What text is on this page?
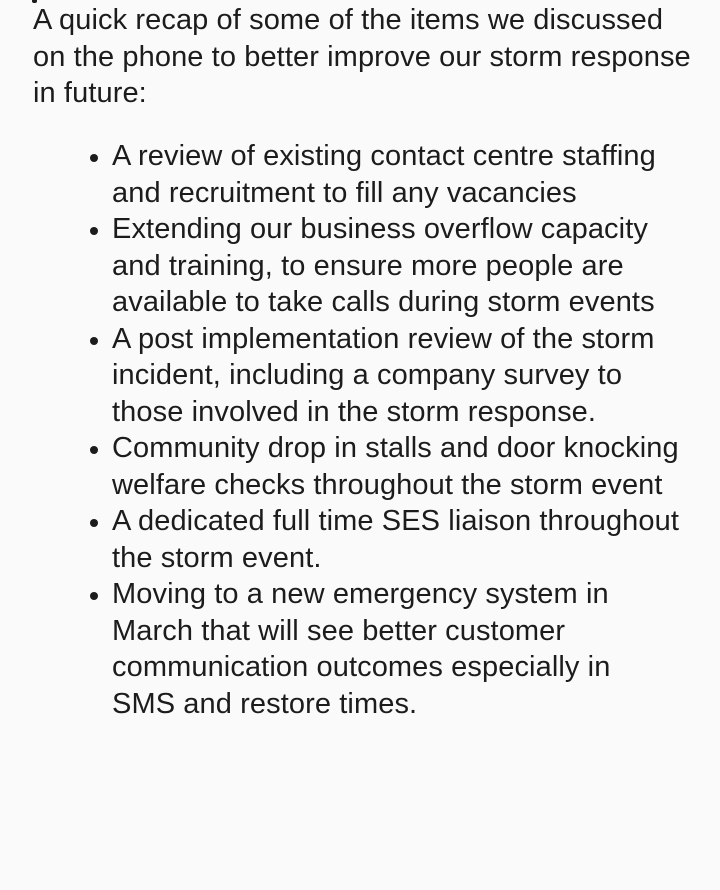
A quick recap of some of the items we discussed on the phone to better improve our storm response in future:

A review of existing contact centre staffing and recruitment to fill any vacancies
Extending our business overflow capacity and training, to ensure more people are available to take calls during storm events
A post implementation review of the storm incident, including a company survey to those involved in the storm response.
Community drop in stalls and door knocking welfare checks throughout the storm event
A dedicated full time SES liaison throughout the storm event.
Moving to a new emergency system in March that will see better customer communication outcomes especially in SMS and restore times.
